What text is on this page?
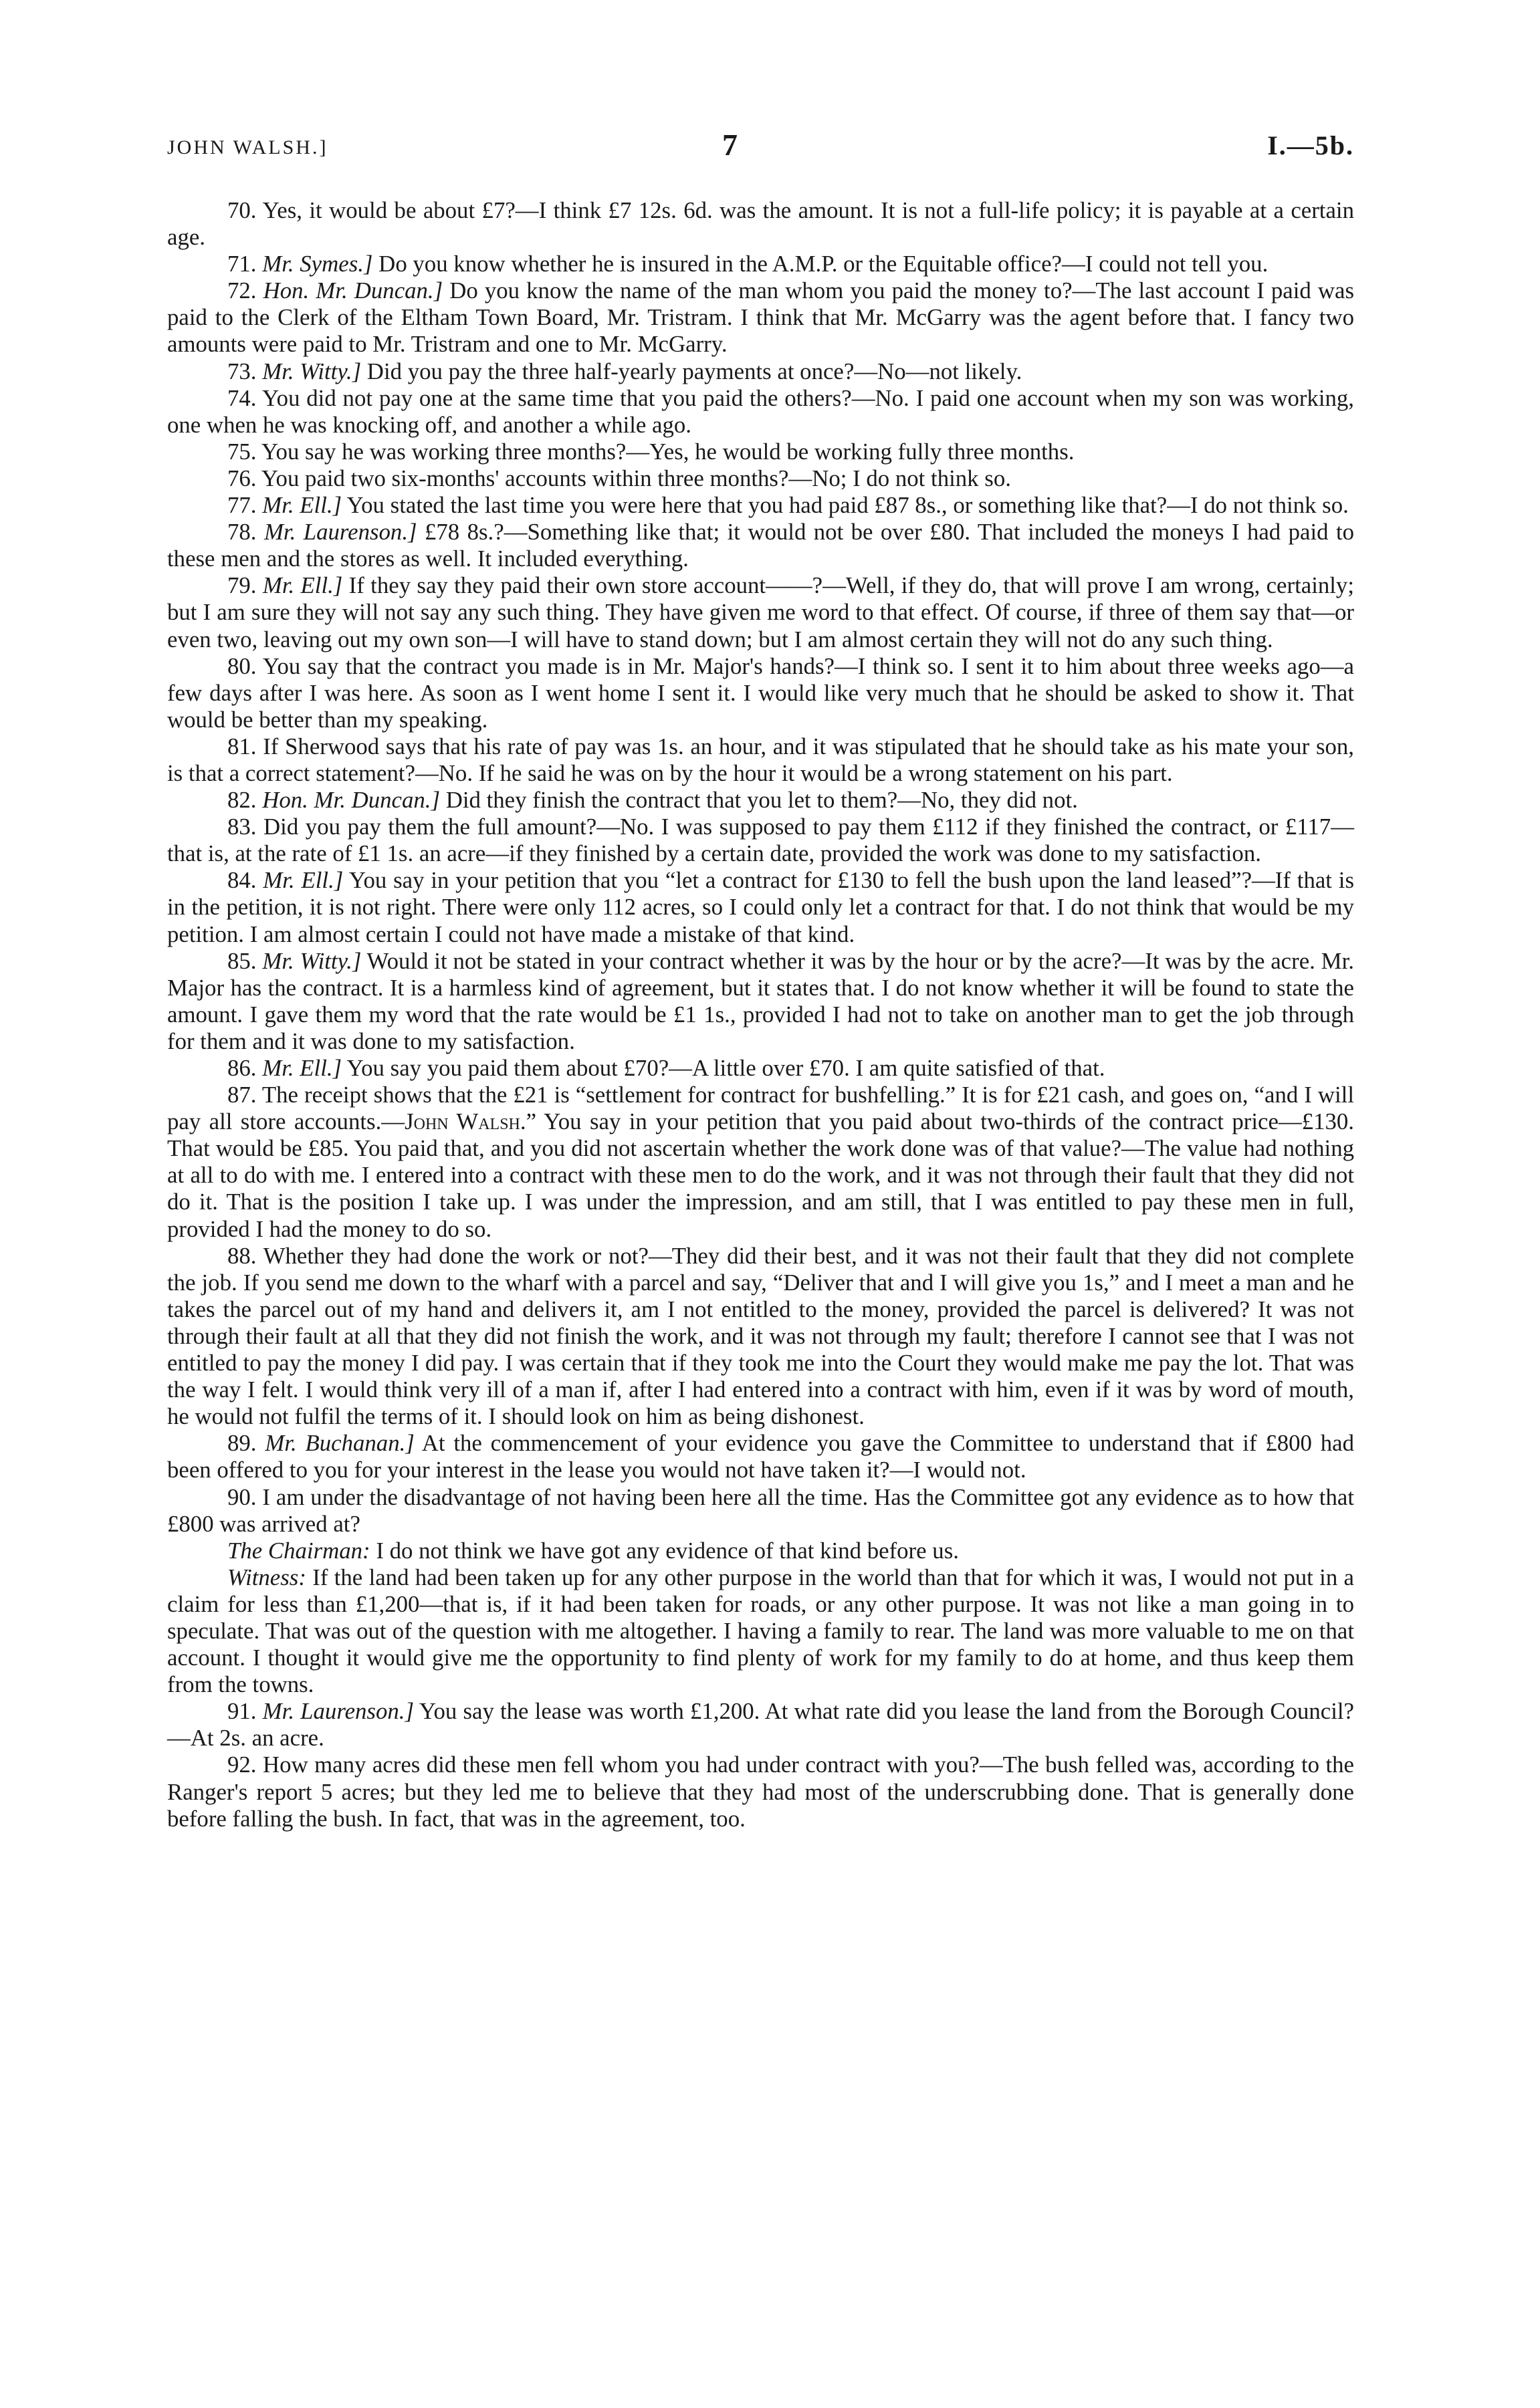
JOHN WALSH.]	7	I.—5b.

70. Yes, it would be about £7?—I think £7 12s. 6d. was the amount. It is not a full-life policy; it is payable at a certain age.

71. Mr. Symes.] Do you know whether he is insured in the A.M.P. or the Equitable office?—I could not tell you.

72. Hon. Mr. Duncan.] Do you know the name of the man whom you paid the money to?—The last account I paid was paid to the Clerk of the Eltham Town Board, Mr. Tristram. I think that Mr. McGarry was the agent before that. I fancy two amounts were paid to Mr. Tristram and one to Mr. McGarry.

73. Mr. Witty.] Did you pay the three half-yearly payments at once?—No—not likely.

74. You did not pay one at the same time that you paid the others?—No. I paid one account when my son was working, one when he was knocking off, and another a while ago.

75. You say he was working three months?—Yes, he would be working fully three months.

76. You paid two six-months' accounts within three months?—No; I do not think so.

77. Mr. Ell.] You stated the last time you were here that you had paid £87 8s., or something like that?—I do not think so.

78. Mr. Laurenson.] £78 8s.?—Something like that; it would not be over £80. That included the moneys I had paid to these men and the stores as well. It included everything.

79. Mr. Ell.] If they say they paid their own store account——?—Well, if they do, that will prove I am wrong, certainly; but I am sure they will not say any such thing. They have given me word to that effect. Of course, if three of them say that—or even two, leaving out my own son—I will have to stand down; but I am almost certain they will not do any such thing.

80. You say that the contract you made is in Mr. Major's hands?—I think so. I sent it to him about three weeks ago—a few days after I was here. As soon as I went home I sent it. I would like very much that he should be asked to show it. That would be better than my speaking.

81. If Sherwood says that his rate of pay was 1s. an hour, and it was stipulated that he should take as his mate your son, is that a correct statement?—No. If he said he was on by the hour it would be a wrong statement on his part.

82. Hon. Mr. Duncan.] Did they finish the contract that you let to them?—No, they did not.

83. Did you pay them the full amount?—No. I was supposed to pay them £112 if they finished the contract, or £117—that is, at the rate of £1 1s. an acre—if they finished by a certain date, provided the work was done to my satisfaction.

84. Mr. Ell.] You say in your petition that you “let a contract for £130 to fell the bush upon the land leased”?—If that is in the petition, it is not right. There were only 112 acres, so I could only let a contract for that. I do not think that would be my petition. I am almost certain I could not have made a mistake of that kind.

85. Mr. Witty.] Would it not be stated in your contract whether it was by the hour or by the acre?—It was by the acre. Mr. Major has the contract. It is a harmless kind of agreement, but it states that. I do not know whether it will be found to state the amount. I gave them my word that the rate would be £1 1s., provided I had not to take on another man to get the job through for them and it was done to my satisfaction.

86. Mr. Ell.] You say you paid them about £70?—A little over £70. I am quite satisfied of that.

87. The receipt shows that the £21 is “settlement for contract for bushfelling.” It is for £21 cash, and goes on, “and I will pay all store accounts.—John Walsh.” You say in your petition that you paid about two-thirds of the contract price—£130. That would be £85. You paid that, and you did not ascertain whether the work done was of that value?—The value had nothing at all to do with me. I entered into a contract with these men to do the work, and it was not through their fault that they did not do it. That is the position I take up. I was under the impression, and am still, that I was entitled to pay these men in full, provided I had the money to do so.

88. Whether they had done the work or not?—They did their best, and it was not their fault that they did not complete the job. If you send me down to the wharf with a parcel and say, “Deliver that and I will give you 1s,” and I meet a man and he takes the parcel out of my hand and delivers it, am I not entitled to the money, provided the parcel is delivered? It was not through their fault at all that they did not finish the work, and it was not through my fault; therefore I cannot see that I was not entitled to pay the money I did pay. I was certain that if they took me into the Court they would make me pay the lot. That was the way I felt. I would think very ill of a man if, after I had entered into a contract with him, even if it was by word of mouth, he would not fulfil the terms of it. I should look on him as being dishonest.

89. Mr. Buchanan.] At the commencement of your evidence you gave the Committee to understand that if £800 had been offered to you for your interest in the lease you would not have taken it?—I would not.

90. I am under the disadvantage of not having been here all the time. Has the Committee got any evidence as to how that £800 was arrived at?

The Chairman: I do not think we have got any evidence of that kind before us.

Witness: If the land had been taken up for any other purpose in the world than that for which it was, I would not put in a claim for less than £1,200—that is, if it had been taken for roads, or any other purpose. It was not like a man going in to speculate. That was out of the question with me altogether. I having a family to rear. The land was more valuable to me on that account. I thought it would give me the opportunity to find plenty of work for my family to do at home, and thus keep them from the towns.

91. Mr. Laurenson.] You say the lease was worth £1,200. At what rate did you lease the land from the Borough Council?—At 2s. an acre.

92. How many acres did these men fell whom you had under contract with you?—The bush felled was, according to the Ranger's report 5 acres; but they led me to believe that they had most of the underscrubbing done. That is generally done before falling the bush. In fact, that was in the agreement, too.
